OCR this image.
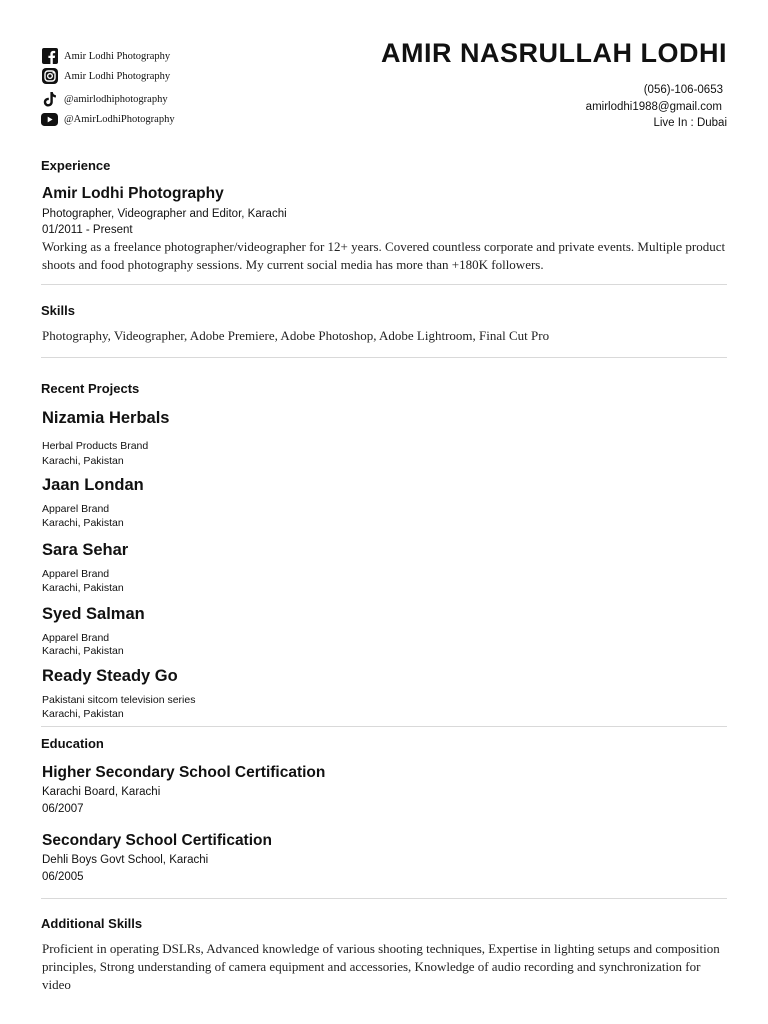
Amir Lodhi Photography
Amir Lodhi Photography
@amirlodhiphotography
@AmirLodhiPhotography
AMIR NASRULLAH LODHI
(056)-106-0653
amirlodhi1988@gmail.com
Live In : Dubai
Experience
Amir Lodhi Photography
Photographer, Videographer and Editor, Karachi
01/2011 - Present
Working as a freelance photographer/videographer for 12+ years. Covered countless corporate and private events. Multiple product shoots and food photography sessions. My current social media has more than +180K followers.
Skills
Photography, Videographer, Adobe Premiere, Adobe Photoshop, Adobe Lightroom, Final Cut Pro
Recent Projects
Nizamia Herbals
Herbal Products Brand
Karachi, Pakistan
Jaan Londan
Apparel Brand
Karachi, Pakistan
Sara Sehar
Apparel Brand
Karachi, Pakistan
Syed Salman
Apparel Brand
Karachi, Pakistan
Ready Steady Go
Pakistani sitcom television series
Karachi, Pakistan
Education
Higher Secondary School Certification
Karachi Board, Karachi
06/2007
Secondary School Certification
Dehli Boys Govt School, Karachi
06/2005
Additional Skills
Proficient in operating DSLRs, Advanced knowledge of various shooting techniques, Expertise in lighting setups and composition principles, Strong understanding of camera equipment and accessories, Knowledge of audio recording and synchronization for video
